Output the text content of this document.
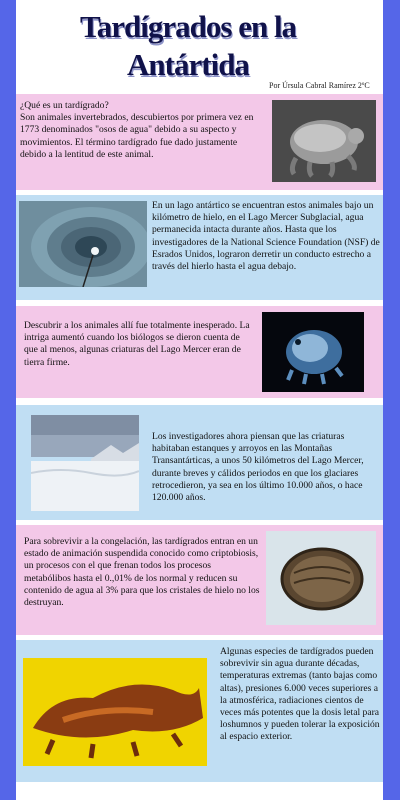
Tardígrados en la
Antártida
Por Úrsula Cabral Ramírez 2ºC
¿Qué es un tardígrado?
Son animales invertebrados, descubiertos por primera vez en 1773 denominados "osos de agua" debido a su aspecto y movimientos. El término tardígrado fue dado justamente debido a la lentitud de este animal.
En un lago antártico se encuentran estos animales bajo un kilómetro de hielo, en el Lago Mercer Subglacial, agua permanecida intacta durante años. Hasta que los investigadores de la National Science Foundation (NSF) de Esrados Unidos, lograron derretir un conducto estrecho a través del hierlo hasta el agua debajo.
Descubrir a los animales allí fue totalmente inesperado. La intriga aumentó cuando los biólogos se dieron cuenta de que al menos, algunas criaturas del Lago Mercer eran de tierra firme.
Los investigadores ahora piensan que las criaturas habitaban estanques y arroyos en las Montañas Transantárticas, a unos 50 kilómetros del Lago Mercer, durante breves y cálidos periodos en que los glaciares retrocedieron, ya sea en los último 10.000 años, o hace 120.000 años.
Para sobrevivir a la congelación, las tardígrados entran en un estado de animación suspendida conocido como criptobiosis, un procesos con el que frenan todos los procesos metabólibos hasta el 0.,01% de los normal y reducen su contenido de agua al 3% para que los cristales de hielo no los destruyan.
Algunas especies de tardígrados pueden sobrevivir sin agua durante décadas, temperaturas extremas (tanto bajas como altas), presiones 6.000 veces superiores a la atmosférica, radiaciones cientos de veces más potentes que la dosis letal para loshumnos y pueden tolerar la exposición al espacio exterior.
